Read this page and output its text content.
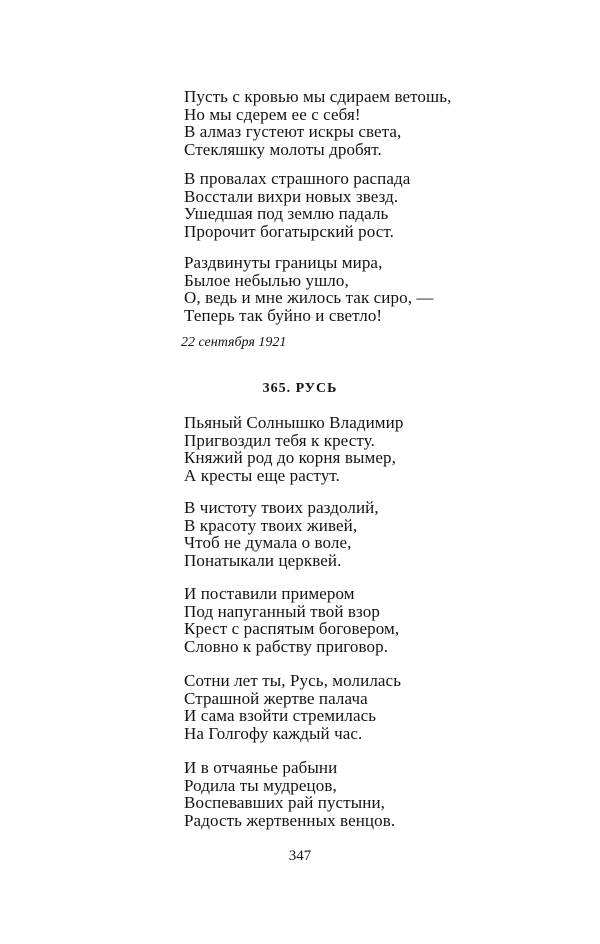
Пусть с кровью мы сдираем ветошь,
Но мы сдерем ее с себя!
В алмаз густеют искры света,
Стекляшку молоты дробят.
В провалах страшного распада
Восстали вихри новых звезд.
Ушедшая под землю падаль
Пророчит богатырский рост.
Раздвинуты границы мира,
Былое небылью ушло,
О, ведь и мне жилось так сиро, —
Теперь так буйно и светло!
22 сентября 1921
365. РУСЬ
Пьяный Солнышко Владимир
Пригвоздил тебя к кресту.
Княжий род до корня вымер,
А кресты еще растут.
В чистоту твоих раздолий,
В красоту твоих живей,
Чтоб не думала о воле,
Понатыкали церквей.
И поставили примером
Под напуганный твой взор
Крест с распятым боговером,
Словно к рабству приговор.
Сотни лет ты, Русь, молилась
Страшной жертве палача
И сама взойти стремилась
На Голгофу каждый час.
И в отчаянье рабыни
Родила ты мудрецов,
Воспевавших рай пустыни,
Радость жертвенных венцов.
347
